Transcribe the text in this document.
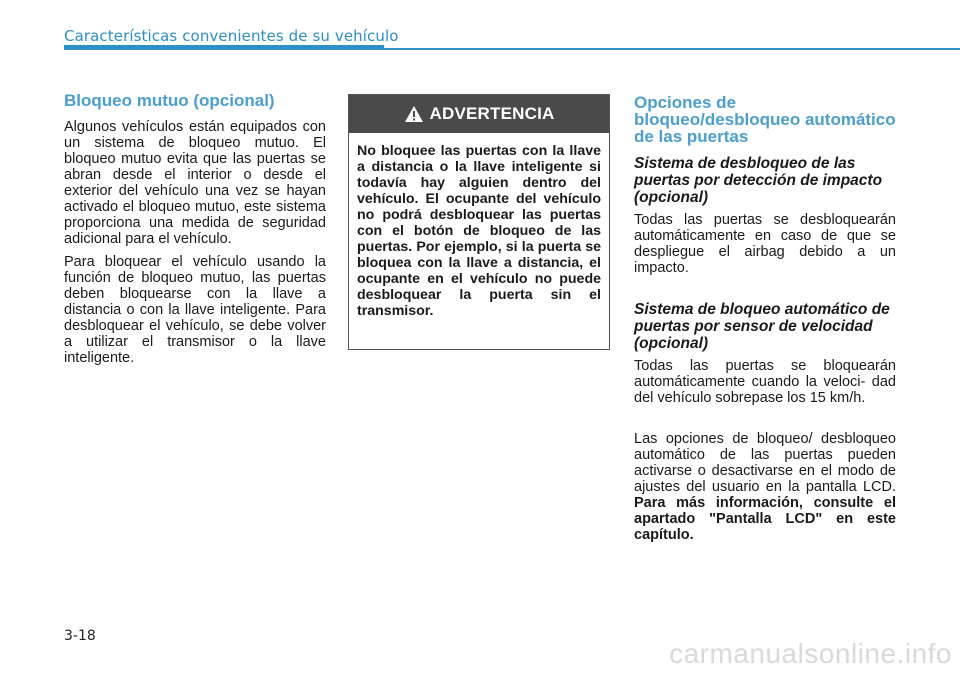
Características convenientes de su vehículo
Bloqueo mutuo (opcional)

Algunos vehículos están equipados con un sistema de bloqueo mutuo. El bloqueo mutuo evita que las puertas se abran desde el interior o desde el exterior del vehículo una vez se hayan activado el bloqueo mutuo, este sistema proporciona una medida de seguridad adicional para el vehículo.

Para bloquear el vehículo usando la función de bloqueo mutuo, las puertas deben bloquearse con la llave a distancia o con la llave inteligente. Para desbloquear el vehículo, se debe volver a utilizar el transmisor o la llave inteligente.

ADVERTENCIA
No bloquee las puertas con la llave a distancia o la llave inteligente si todavía hay alguien dentro del vehículo. El ocupante del vehículo no podrá desbloquear las puertas con el botón de bloqueo de las puertas. Por ejemplo, si la puerta se bloquea con la llave a distancia, el ocupante en el vehículo no puede desbloquear la puerta sin el transmisor.
Opciones de bloqueo/desbloqueo automático de las puertas
Sistema de desbloqueo de las puertas por detección de impacto (opcional)

Todas las puertas se desbloquearán automáticamente en caso de que se despliegue el airbag debido a un impacto.

Sistema de bloqueo automático de puertas por sensor de velocidad (opcional)

Todas las puertas se bloquearán automáticamente cuando la veloci- dad del vehículo sobrepase los 15 km/h.

Las opciones de bloqueo/ desbloqueo automático de las puertas pueden activarse o desactivarse en el modo de ajustes del usuario en la pantalla LCD. Para más información, consulte el apartado "Pantalla LCD" en este capítulo.

3-18
carmanualsonline.info
